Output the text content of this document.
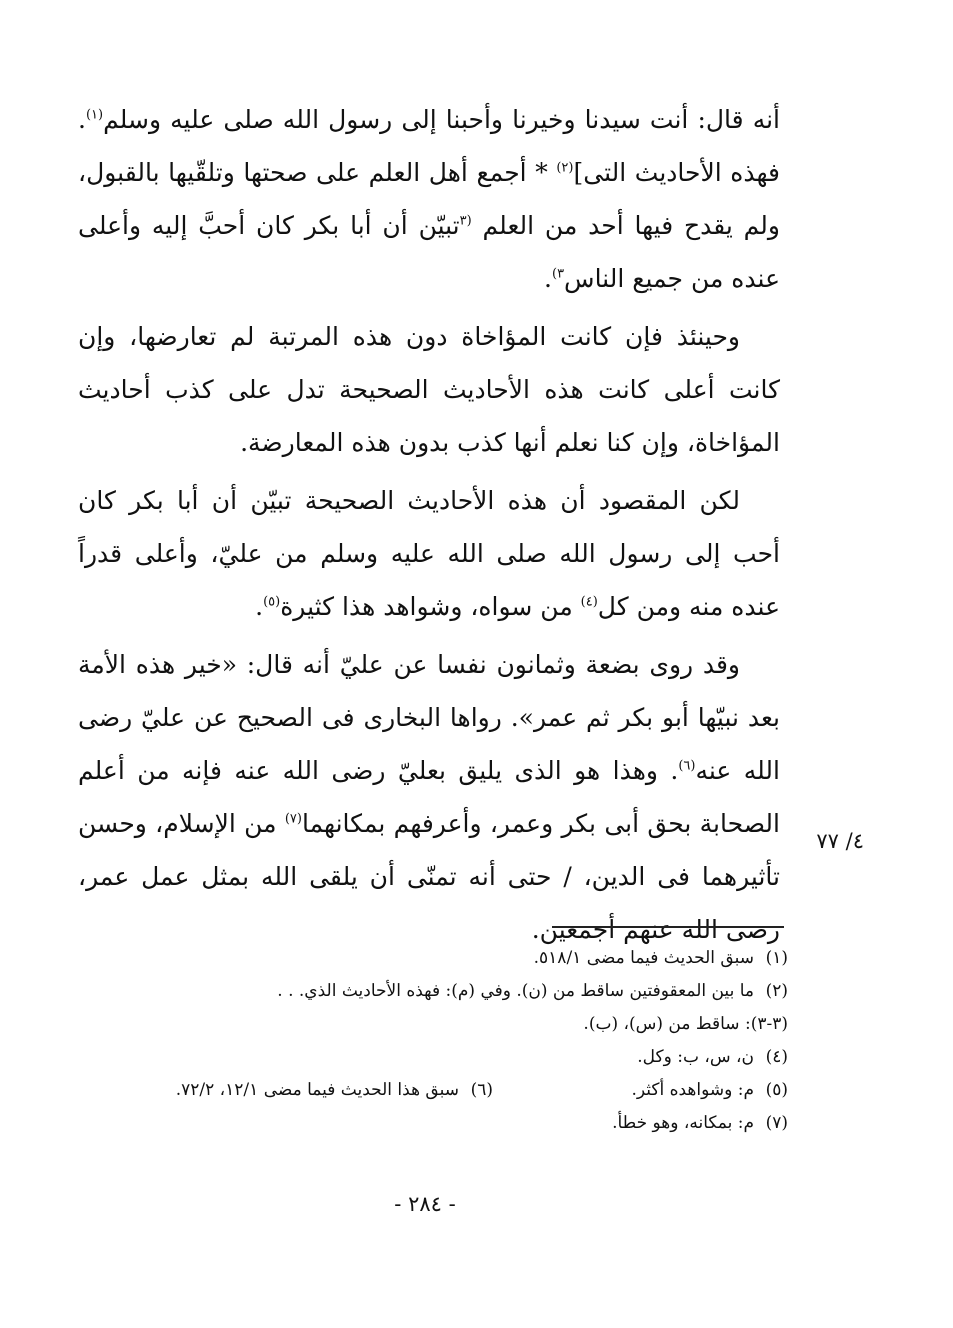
أنه قال: أنت سيدنا وخيرنا وأحبنا إلى رسول الله صلى عليه وسلم$^{(١)}$. فهذه الأحاديث التى]$^{(٢)}$ * أجمع أهل العلم على صحتها وتلقّيها بالقبول، ولم يقدح فيها أحد من العلم $^{(٣}$تبيّن أن أبا بكر كان أحبَّ إليه وأعلى عنده من جميع الناس$^{٣)}$.

وحينئذ فإن كانت المؤاخاة دون هذه المرتبة لم تعارضها، وإن كانت أعلى كانت هذه الأحاديث الصحيحة تدل على كذب أحاديث المؤاخاة، وإن كنا نعلم أنها كذب بدون هذه المعارضة.

لكن المقصود أن هذه الأحاديث الصحيحة تبيّن أن أبا بكر كان أحب إلى رسول الله صلى الله عليه وسلم من عليّ، وأعلى قدراً عنده منه ومن كل$^{(٤)}$ من سواه، وشواهد هذا كثيرة$^{(٥)}$.

وقد روى بضعة وثمانون نفسا عن عليّ أنه قال: «خير هذه الأمة بعد نبيّها أبو بكر ثم عمر». رواها البخارى فى الصحيح عن عليّ رضى الله عنه$^{(٦)}$. وهذا هو الذى يليق بعليّ رضى الله عنه فإنه من أعلم الصحابة بحق أبى بكر وعمر، وأعرفهم بمكانهما$^{(٧)}$ من الإسلام، وحسن تأثيرهما فى الدين، / حتى أنه تمنّى أن يلقى الله بمثل عمل عمر، رضى الله عنهم أجمعين.

٤/ ٧٧
(١)
سبق الحديث فيما مضى ٥١٨/١.
(٢)
ما بين المعقوفتين ساقط من (ن). وفي (م): فهذه الأحاديث الذي. . .
(٣-٣)
: ساقط من (س)، (ب).
(٤)
ن، س، ب: وكل.
(٥)
م: وشواهده أكثر.
(٦)
سبق هذا الحديث فيما مضى ١٢/١، ٧٢/٢.
(٧)
م: بمكانه، وهو خطأ.
- ٢٨٤ -
